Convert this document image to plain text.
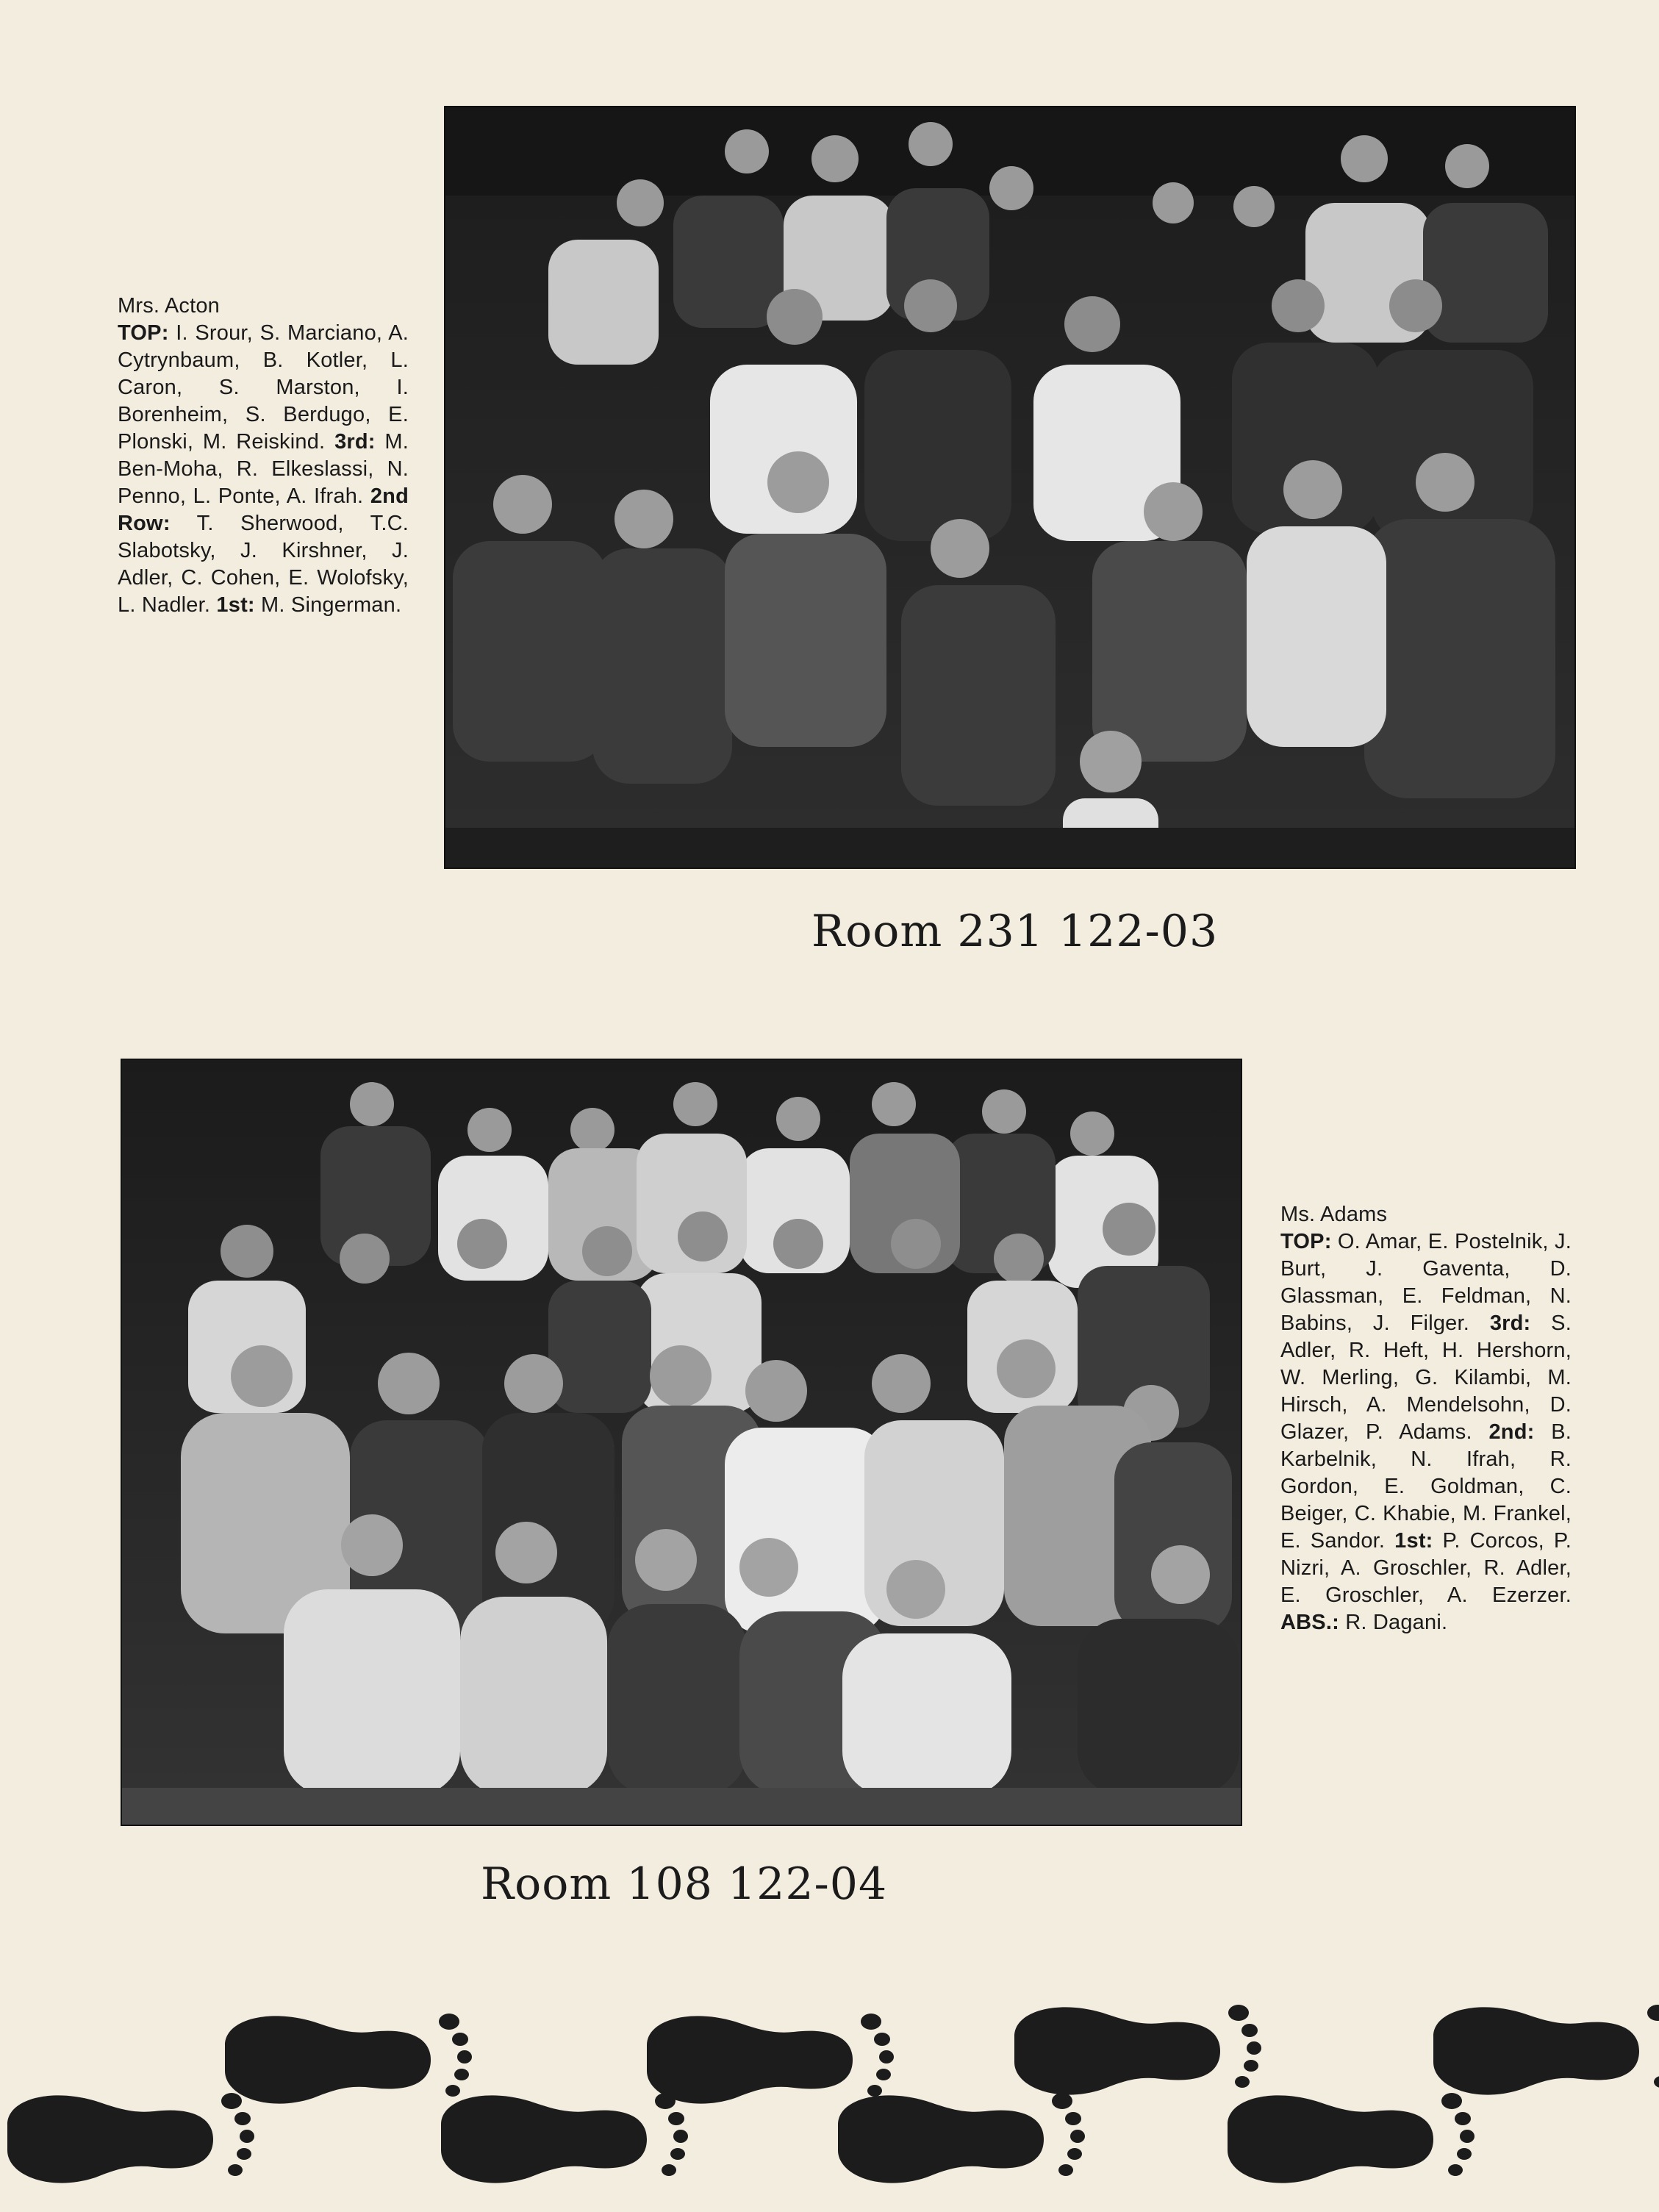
Mrs. Acton
TOP: I. Srour, S. Marciano, A. Cytrynbaum, B. Kotler, L. Caron, S. Marston, I. Borenheim, S. Berdugo, E. Plonski, M. Reiskind. 3rd: M. Ben-Moha, R. Elkeslassi, N. Penno, L. Ponte, A. Ifrah. 2nd Row: T. Sherwood, T.C. Slabotsky, J. Kirshner, J. Adler, C. Cohen, E. Wolofsky, L. Nadler. 1st: M. Singerman.
Room 231 122-03
Ms. Adams
TOP: O. Amar, E. Postelnik, J. Burt, J. Gaventa, D. Glassman, E. Feldman, N. Babins, J. Filger. 3rd: S. Adler, R. Heft, H. Hershorn, W. Merling, G. Kilambi, M. Hirsch, A. Mendelsohn, D. Glazer, P. Adams. 2nd: B. Karbelnik, N. Ifrah, R. Gordon, E. Goldman, C. Beiger, C. Khabie, M. Frankel, E. Sandor. 1st: P. Corcos, P. Nizri, A. Groschler, R. Adler, E. Groschler, A. Ezerzer. ABS.: R. Dagani.
Room 108 122-04
